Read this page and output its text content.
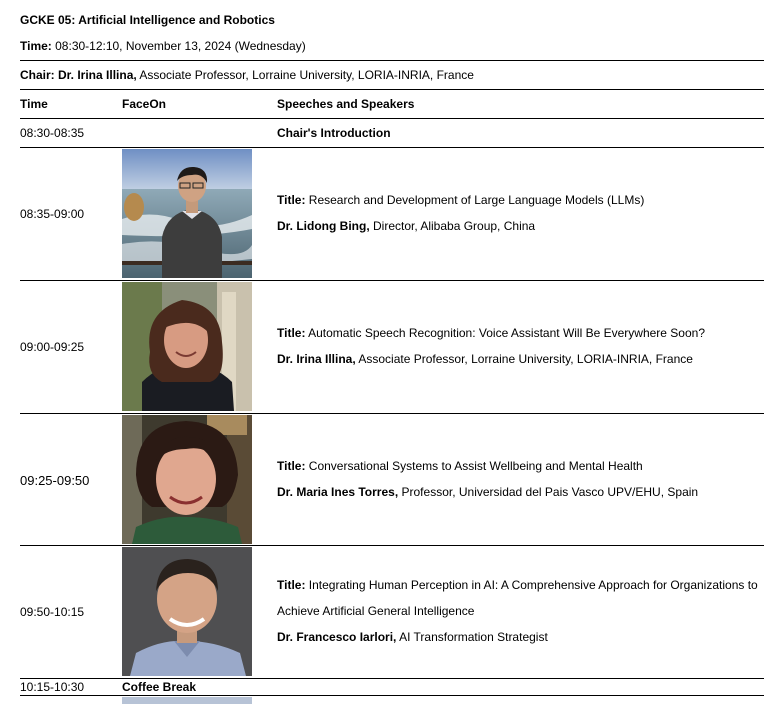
GCKE 05: Artificial Intelligence and Robotics
Time: 08:30-12:10, November 13, 2024 (Wednesday)
Chair: Dr. Irina Illina, Associate Professor, Lorraine University, LORIA-INRIA, France
Time	FaceOn	Speeches and Speakers
08:30-08:35	Chair's Introduction
08:35-09:00
Title: Research and Development of Large Language Models (LLMs)
Dr. Lidong Bing, Director, Alibaba Group, China
09:00-09:25
Title: Automatic Speech Recognition: Voice Assistant Will Be Everywhere Soon?
Dr. Irina Illina, Associate Professor, Lorraine University, LORIA-INRIA, France
09:25-09:50
Title: Conversational Systems to Assist Wellbeing and Mental Health
Dr. Maria Ines Torres, Professor, Universidad del Pais Vasco UPV/EHU, Spain
09:50-10:15
Title: Integrating Human Perception in AI: A Comprehensive Approach for Organizations to Achieve Artificial General Intelligence
Dr. Francesco Iarlori, AI Transformation Strategist
10:15-10:30	Coffee Break
